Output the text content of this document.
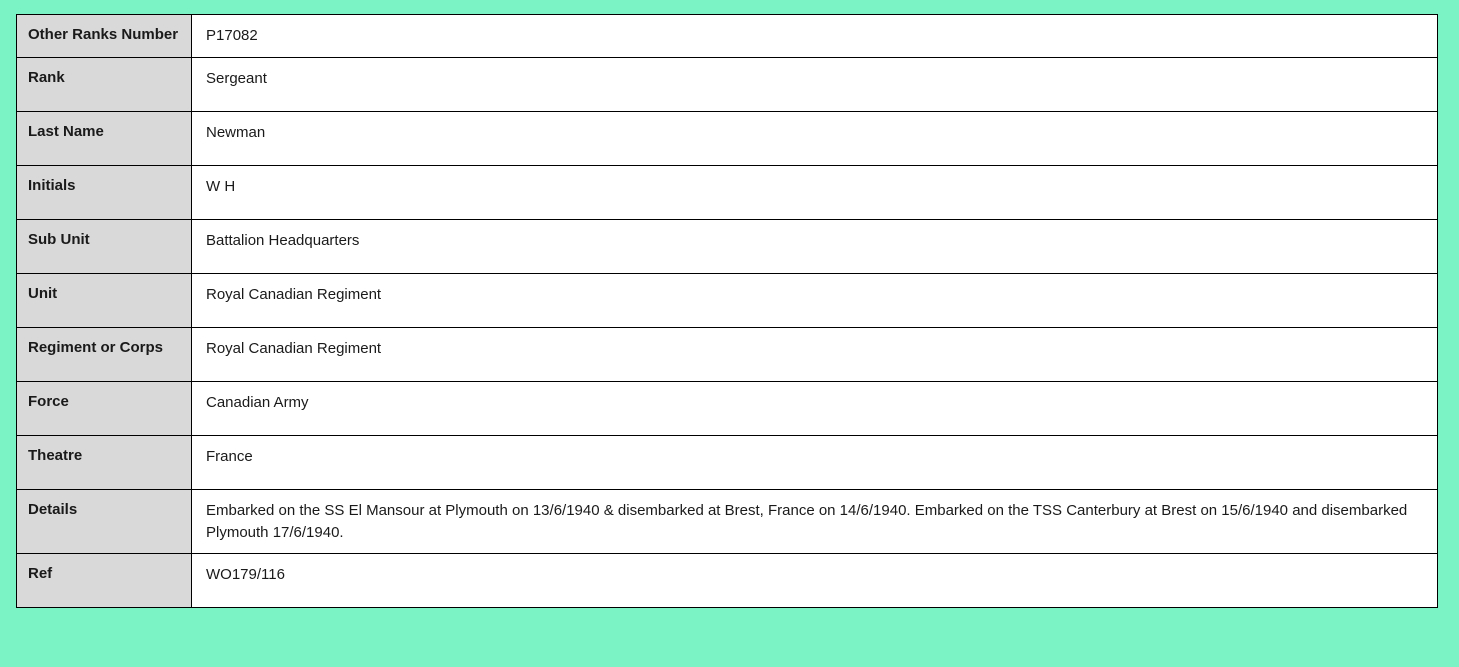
Other Ranks Number	P17082
Rank	Sergeant
Last Name	Newman
Initials	W H
Sub Unit	Battalion Headquarters
Unit	Royal Canadian Regiment
Regiment or Corps	Royal Canadian Regiment
Force	Canadian Army
Theatre	France
Details	Embarked on the SS El Mansour at Plymouth on 13/6/1940 & disembarked at Brest, France on 14/6/1940. Embarked on the TSS Canterbury at Brest on 15/6/1940 and disembarked Plymouth 17/6/1940.
Ref	WO179/116
